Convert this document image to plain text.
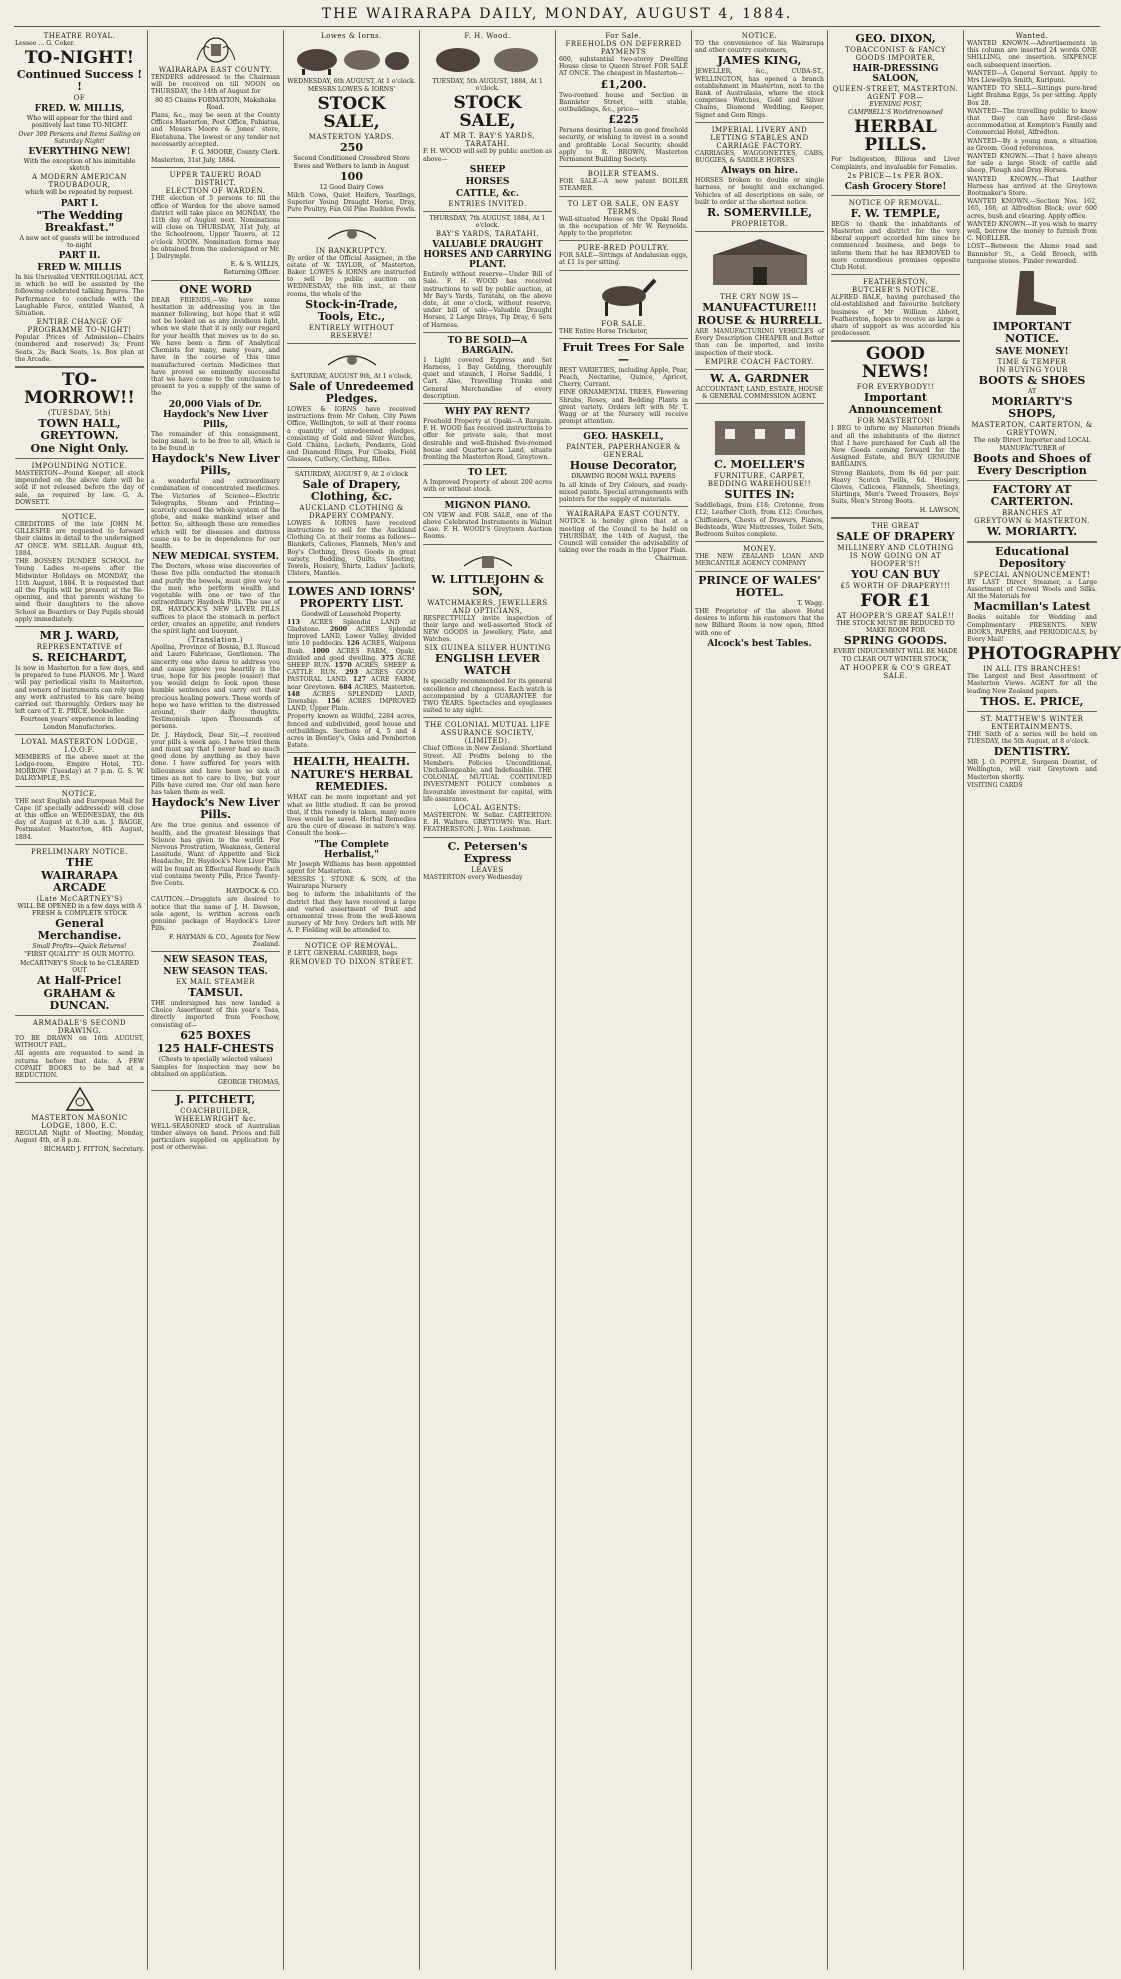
THE WAIRARAPA DAILY, MONDAY, AUGUST 4, 1884.
THEATRE ROYAL.

Lessee ... G. Coker.

TO-NIGHT!
Continued Success ! !
OF
FRED. W. MILLIS,

Who will appear for the third and positively last time TO-NIGHT.

Over 300 Persons and Items Sailing on Saturday Night!

EVERYTHING NEW!

With the exception of his inimitable sketch

A MODERN AMERICAN TROUBADOUR,

which will be repeated by request.

PART I.
"The Wedding Breakfast."

A new set of guests will be introduced to-night

PART II.
FRED W. MILLIS

In his Unrivalled VENTRILOQUIAL ACT, in which he will be assisted by the following celebrated talking figures. The Performance to conclude with the Laughable Farce, entitled Wanted, A Situation.

ENTIRE CHANGE OF PROGRAMME TO-NIGHT!

Popular Prices of Admission—Chairs (numbered and reserved) 3s; Front Seats, 2s; Back Seats, 1s. Box plan at the Arcade.

TO-MORROW!!
(TUESDAY, 5th)
TOWN HALL, GREYTOWN.
One Night Only.
IMPOUNDING NOTICE.

MASTERTON—Pound Keeper, all stock impounded on the above date will be sold if not released before the day of sale, as required by law. G. A. DOWSETT.

NOTICE.

CREDITORS of the late JOHN M. GILLESPIE are requested to forward their claims in detail to the undersigned AT ONCE. WM. SELLAR. August 4th, 1884.

THE BOSSEN DUNDEE SCHOOL for Young Ladies re-opens after the Midwinter Holidays on MONDAY, the 11th August, 1884. It is requested that all the Pupils will be present at the Re-opening, and that parents wishing to send their daughters to the above School as Boarders or Day Pupils should apply immediately.

MR J. WARD,
REPRESENTATIVE of
S. REICHARDT,

Is now in Masterton for a few days, and is prepared to tune PIANOS. Mr J. Ward will pay periodical visits to Masterton, and owners of instruments can rely upon any work entrusted to his care being carried out thoroughly. Orders may be left care of T. E. PRICE, bookseller.

Fourteen years' experience in leading London Manufactories.

LOYAL MASTERTON LODGE, I.O.O.F.

MEMBERS of the above meet at the Lodge-room, Empire Hotel, TO-MORROW (Tuesday) at 7 p.m. G. S. W. DALRYMPLE, P.S.

NOTICE.

THE next English and European Mail for Cape (if specially addressed) will close at this office on WEDNESDAY, the 6th day of August at 6.30 a.m. J. BAGGE, Postmaster. Masterton, 4th August, 1884.

PRELIMINARY NOTICE.
THE
WAIRARAPA ARCADE
(Late McCARTNEY'S)

WILL BE OPENED in a few days with A FRESH & COMPLETE STOCK

General Merchandise.

Small Profits—Quick Returns!

"FIRST QUALITY" IS OUR MOTTO.

McCARTNEY'S Stock to be CLEARED OUT

At Half-Price!
GRAHAM & DUNCAN.
ARMADALE'S SECOND DRAWING.

TO BE DRAWN on 16th AUGUST, WITHOUT FAIL.

All agents are requested to send in returns before that date. A FEW COPART BOOKS to be had at a REDUCTION.

MASTERTON MASONIC LODGE, 1800, E.C.

REGULAR Night of Meeting, Monday, August 4th, at 8 p.m.

RICHARD J. FITTON, Secretary.

WAIRARAPA EAST COUNTY.

TENDERS addressed to the Chairman will be received on till NOON on THURSDAY, the 14th of August for

80 85 Chains FORMATION, Makahaka Road.

Plans, &c., may be seen at the County Offices Masterton, Post Office, Pahiatua, and Messrs Moore & Jones' store, Eketahuna. The lowest or any tender not necessarily accepted.

F. G. MOORE, County Clerk.

Masterton, 31st July, 1884.

UPPER TAUERU ROAD DISTRICT.
ELECTION OF WARDEN.

THE election of 5 persons to fill the office of Warden for the above named district will take place on MONDAY, the 11th day of August next. Nominations will close on THURSDAY, 31st July, at the Schoolroom, Upper Taueru, at 12 o'clock NOON. Nomination forms may be obtained from the undersigned or Mr. J. Dalrymple.

E. & S. WILLIS,

Returning Officer.

ONE WORD

DEAR FRIENDS,—We have some hesitation in addressing you in the manner following, but hope that it will not be looked on as any invidious light, when we state that it is only our regard for your health that moves us to do so. We have been a firm of Analytical Chemists for many, many years, and have in the course of this time manufactured certain Medicines that have proved so eminently successful that we have come to the conclusion to present to you a supply of the same of the

20,000 Vials of Dr. Haydock's New Liver Pills,

The remainder of this consignment, being small, is to be free to all, which is to be found in

Haydock's New Liver Pills,

a wonderful and extraordinary combination of concentrated medicines. The Victories of Science—Electric Telegraphs, Steam and Printing—scarcely exceed the whole system of the globe, and make mankind wiser and better. So, although these are remedies which will for diseases and distress cause us to be in dependence for our health.

NEW MEDICAL SYSTEM.

The Doctors, whose wise discoveries of these five pills conducted the stomach and purify the bowels, must give way to the men who perform wealth and vegetable with one or two of the extraordinary Haydock Pills. The use of DR. HAYDOCK'S NEW LIVER PILLS suffices to place the stomach in perfect order, creates an appetite, and renders the spirit light and buoyant.

(Translation.)

Apolina, Province of Bosnia, B.I. Ruscud and Lauro Fabricase, Gentlemen. The sincerity one who dares to address you and cause ignore you heartily is the true, hope for his people (easier) that you would deign to look upon these humble sentences and carry out their precious healing powers. These words of hope we have written to the distressed around, their daily thoughts. Testimonials upon Thousands of persons.

Dr. J. Haydock, Dear Sir,—I received your pills a week ago. I have tried them and must say that I never had so much good done by anything as they have done. I have suffered for years with biliousness and have been so sick at times as not to care to live, but your Pills have cured me. Our old man here has taken them as well.

Haydock's New Liver Pills.

Are the true genius and essence of health, and the greatest blessings that Science has given to the world. For Nervous Prostration, Weakness, General Lassitude, Want of Appetite and Sick Headache, Dr. Haydock's New Liver Pills will be found an Effectual Remedy. Each vial contains twenty Pills, Price Twenty-five Cents.

HAYDOCK & CO.

CAUTION.—Druggists are desired to notice that the name of J. H. Dawson, sole agent, is written across each genuine package of Haydock's Liver Pills.

F. HAYMAN & CO., Agents for New Zealand.

NEW SEASON TEAS,
NEW SEASON TEAS.
EX MAIL STEAMER
TAMSUI.

THE undersigned has now landed a Choice Assortment of this year's Teas, directly imported from Foochow, consisting of—

625 BOXES
125 HALF-CHESTS

(Chests to specially selected values)

Samples for inspection may now be obtained on application.

GEORGE THOMAS,

J. PITCHETT,
COACHBUILDER, WHEELWRIGHT &c.

WELL-SEASONED stock of Australian timber always on hand. Prices and full particulars supplied on application by post or otherwise.

Lowes & Iorns.

WEDNESDAY, 6th AUGUST, At 1 o'clock.

MESSRS LOWES & IORNS'

STOCK SALE,
MASTERTON YARDS.
250

Second Conditioned Crossbred Store Ewes and Wethers to lamb in August

100

12 Good Dairy Cows

Milch Cows, Quiet Heifers, Yearlings, Superior Young Draught Horse, Dray, Pure Poultry, Fan Oil Pine Ruddon Fowls.

IN BANKRUPTCY.

By order of the Official Assignee, in the estate of W. TAYLOR, of Masterton, Baker. LOWES & IORNS are instructed to sell by public auction on WEDNESDAY, the 6th inst., at their rooms, the whole of the

Stock-in-Trade, Tools, Etc.,
ENTIRELY WITHOUT RESERVE!

SATURDAY, AUGUST 9th, At 1 o'clock,

Sale of Unredeemed Pledges.

LOWES & IORNS have received instructions from Mr Cohen, City Pawn Office, Wellington, to sell at their rooms a quantity of unredeemed pledges, consisting of Gold and Silver Watches, Gold Chains, Lockets, Pendants, Gold and Diamond Rings, Fur Cloaks, Field Glasses, Cutlery, Clothing, Rifles.

SATURDAY, AUGUST 9, At 2 o'clock

Sale of Drapery, Clothing, &c.
AUCKLAND CLOTHING & DRAPERY COMPANY.

LOWES & IORNS have received instructions to sell for the Auckland Clothing Co. at their rooms as follows—Blankets, Calicoes, Flannels, Men's and Boy's Clothing, Dress Goods in great variety, Bedding, Quilts, Sheeting, Towels, Hosiery, Shirts, Ladies' Jackets, Ulsters, Mantles.

LOWES AND IORNS' PROPERTY LIST.

Goodwill of Leasehold Property.

113 ACRES Splendid LAND at Gladstone. 2600 ACRES Splendid Improved LAND, Lower Valley, divided into 10 paddocks. 126 ACRES, Waipoua Bush. 1000 ACRES FARM, Opaki, divided and good dwelling. 375 ACRE SHEEP RUN. 1570 ACRES, SHEEP & CATTLE RUN. 293 ACRES GOOD PASTORAL LAND. 127 ACRE FARM, near Greytown. 684 ACRES, Masterton. 148 ACRES SPLENDID LAND, Township. 156 ACRES IMPROVED LAND, Upper Plain.

Property known as Wildfel, 2284 acres, fenced and subdivided, good house and outbuildings. Sections of 4, 5 and 4 acres in Bentley's, Oaks and Pemberton Estate.

HEALTH, HEALTH.
NATURE'S HERBAL REMEDIES.

WHAT can be more important and yet what so little studied. It can be proved that, if this remedy is taken, many more lives would be saved. Herbal Remedies are the cure of disease in nature's way. Consult the book—

"The Complete Herbalist,"

Mr Joseph Williams has been appointed agent for Masterton.

MESSRS J. STONE & SON, of the Wairarapa Nursery

beg to inform the inhabitants of the district that they have received a large and varied assortment of fruit and ornamental trees from the well-known nursery of Mr Ivey. Orders left with Mr A. P. Fielding will be attended to.

NOTICE OF REMOVAL.

P. LETT, GENERAL CARRIER, begs

REMOVED TO DIXON STREET.
F. H. Wood.

TUESDAY, 5th AUGUST, 1884, At 1 o'clock.

STOCK SALE,
AT MR T. BAY'S YARDS, TARATAHI.

F. H. WOOD will sell by public auction as above—

SHEEP
HORSES
CATTLE, &c.
ENTRIES INVITED.

THURSDAY, 7th AUGUST, 1884, At 1 o'clock.

BAY'S YARDS, TARATAHI.
VALUABLE DRAUGHT HORSES AND CARRYING PLANT.

Entirely without reserve—Under Bill of Sale. F. H. WOOD has received instructions to sell by public auction, at Mr Bay's Yards, Taratahi, on the above date, at one o'clock, without reserve, under bill of sale—Valuable Draught Horses, 2 Large Drays, Tip Dray, 6 Sets of Harness.

TO BE SOLD—A BARGAIN.

1 Light covered Express and Set Harness, 1 Bay Gelding, thoroughly quiet and staunch, 1 Horse Saddle, 1 Cart. Also, Travelling Trunks and General Merchandise of every description.

WHY PAY RENT?

Freehold Property at Opaki—A Bargain. F. H. WOOD has received instructions to offer for private sale, that most desirable and well-finished five-roomed house and Quarter-acre Land, situate fronting the Masterton Road, Greytown.

TO LET.

A Improved Property of about 200 acres with or without stock.

MIGNON PIANO.

ON VIEW and FOR SALE, one of the above Celebrated Instruments in Walnut Case. F. H. WOOD'S Greytown Auction Rooms.

W. LITTLEJOHN & SON,
WATCHMAKERS, JEWELLERS AND OPTICIANS,

RESPECTFULLY invite inspection of their large and well-assorted Stock of NEW GOODS in Jewellery, Plate, and Watches.

SIX GUINEA SILVER HUNTING
ENGLISH LEVER WATCH

Is specially recommended for its general excellence and cheapness. Each watch is accompanied by a GUARANTEE for TWO YEARS. Spectacles and eyeglasses suited to any sight.

THE COLONIAL MUTUAL LIFE ASSURANCE SOCIETY, (LIMITED).

Chief Offices in New Zealand: Shortland Street. All Profits belong to the Members. Policies Unconditional, Unchallengeable, and Indefeasible. THE COLONIAL MUTUAL CONTINUED INVESTMENT POLICY combines a favourable investment for capital, with life assurance.

LOCAL AGENTS:

MASTERTON: W. Sellar. CARTERTON: E. H. Walters. GREYTOWN: Wm. Hart. FEATHERSTON: J. Wm. Leishman.

C. Petersen's Express
LEAVES

MASTERTON every Wednesday

For Sale.
FREEHOLDS ON DEFERRED PAYMENTS

600, substantial two-storey Dwelling House close to Queen Street FOR SALE AT ONCE. The cheapest in Masterton—

£1,200.

Two-roomed house and Section in Bannister Street, with stable, outbuildings, &c., price—

£225

Persons desiring Loans on good freehold security, or wishing to invest in a sound and profitable Local Security, should apply to R. BROWN, Masterton Permanent Building Society.

BOILER STEAMS.

FOR SALE—A new patent BOILER STEAMER.

TO LET OR SALE, ON EASY TERMS.

Well-situated House on the Opaki Road in the occupation of Mr W. Reynolds. Apply to the proprietor.

PURE-BRED POULTRY.

FOR SALE—Sittings of Andalusian eggs, at £1 1s per sitting.

FOR SALE.

THE Entire Horse Tricketer,

Fruit Trees For Sale—

BEST VARIETIES, including Apple, Pear, Peach, Nectarine, Quince, Apricot, Cherry, Currant.

FINE ORNAMENTAL TREES, Flowering Shrubs, Roses, and Bedding Plants in great variety. Orders left with Mr T. Wagg or at the Nursery will receive prompt attention.

GEO. HASKELL,
PAINTER, PAPERHANGER & GENERAL
House Decorator,

DRAWING ROOM WALL PAPERS

In all kinds of Dry Colours, and ready-mixed paints. Special arrangements with painters for the supply of materials.

WAIRARAPA EAST COUNTY.

NOTICE is hereby given that at a meeting of the Council to be held on THURSDAY, the 14th of August, the Council will consider the advisability of taking over the roads in the Upper Plain.

Chairman.

NOTICE.

TO the convenience of his Wairarapa and other country customers,

JAMES KING,

JEWELLER, &c., CUBA-ST., WELLINGTON, has opened a branch establishment in Masterton, next to the Bank of Australasia, where the stock comprises Watches, Gold and Silver Chains, Diamond Wedding, Keeper, Signet and Gem Rings.

IMPERIAL LIVERY AND LETTING STABLES AND CARRIAGE FACTORY.

CARRIAGES, WAGGONETTES, CABS, BUGGIES, & SADDLE HORSES

Always on hire.

HORSES broken to double or single harness, or bought and exchanged. Vehicles of all descriptions on sale, or built to order at the shortest notice.

R. SOMERVILLE,
PROPRIETOR.
THE CRY NOW IS—
MANUFACTURE!!!
ROUSE & HURRELL

ARE MANUFACTURING VEHICLES of Every Description CHEAPER and Better than can be imported, and invite inspection of their stock.

EMPIRE COACH FACTORY.
W. A. GARDNER

ACCOUNTANT, LAND, ESTATE, HOUSE & GENERAL COMMISSION AGENT.

C. MOELLER'S
FURNITURE, CARPET,
BEDDING WAREHOUSE!!
SUITES IN:

Saddlebags, from £18; Cretonne, from £12; Leather Cloth, from £12; Couches, Chiffoniers, Chests of Drawers, Pianos, Bedsteads, Wire Mattresses, Toilet Sets, Bedroom Suites complete.

MONEY.

THE NEW ZEALAND LOAN AND MERCANTILE AGENCY COMPANY

PRINCE OF WALES' HOTEL.

T. Wagg.

THE Proprietor of the above Hotel desires to inform his customers that the new Billiard Room is now open, fitted with one of

Alcock's best Tables.
GEO. DIXON,
TOBACCONIST & FANCY GOODS IMPORTER,
HAIR-DRESSING SALOON,
QUEEN-STREET, MASTERTON.
AGENT FOR—

EVENING POST,

CAMPBELL'S Worldrenowned

HERBAL PILLS.

For Indigestion, Bilious and Liver Complaints, and invaluable for Females.

2s PRICE—1s PER BOX.
Cash Grocery Store!
NOTICE OF REMOVAL.
F. W. TEMPLE,

BEGS to thank the inhabitants of Masterton and district for the very liberal support accorded him since he commenced business, and begs to inform them that he has REMOVED to more commodious premises opposite Club Hotel.

FEATHERSTON.
BUTCHER'S NOTICE.

ALFRED BALE, having purchased the old-established and favourite butchery business of Mr William Abbott, Featherston, hopes to receive as large a share of support as was accorded his predecessor.

GOOD NEWS!
FOR EVERYBODY!!
Important Announcement
FOR MASTERTON!

I BEG to inform my Masterton friends and all the inhabitants of the district that I have purchased for Cash all the New Goods coming forward for the Assigned Estate, and BUY GENUINE BARGAINS.

Strong Blankets, from 9s 6d per pair. Heavy Scotch Twills, 6d. Hosiery, Gloves, Calicoes, Flannels, Sheetings, Shirtings, Men's Tweed Trousers, Boys' Suits, Men's Strong Boots.

H. LAWSON,

THE GREAT
SALE OF DRAPERY
MILLINERY AND CLOTHING
IS NOW GOING ON AT HOOPER'S!!
YOU CAN BUY
£5 WORTH OF DRAPERY!!!
FOR £1
AT HOOPER'S GREAT SALE!!

THE STOCK MUST BE REDUCED TO MAKE ROOM FOR

SPRING GOODS.

EVERY INDUCEMENT WILL BE MADE TO CLEAR OUT WINTER STOCK,

AT HOOPER & CO'S GREAT SALE.
Wanted.

WANTED KNOWN.—Advertisements in this column are inserted 24 words ONE SHILLING, one insertion. SIXPENCE each subsequent insertion.

WANTED—A General Servant. Apply to Mrs Llewellyn Smith, Kuripuni.

WANTED TO SELL—Sittings pure-bred Light Brahma Eggs, 5s per sitting. Apply Box 28.

WANTED—The travelling public to know that they can have first-class accommodation at Kempton's Family and Commercial Hotel, Alfredton.

WANTED—By a young man, a situation as Groom. Good references.

WANTED KNOWN.—That I have always for sale a large Stock of cattle and sheep, Plough and Dray Horses.

WANTED KNOWN.—That Leather Harness has arrived at the Greytown Bootmaker's Store.

WANTED KNOWN.—Section Nos. 162, 165, 166, at Alfredton Block; over 600 acres, bush and clearing. Apply office.

WANTED KNOWN—If you wish to marry well, borrow the money to furnish from C. MOELLER.

LOST—Between the Alamo road and Bannister St., a Gold Brooch, with turquoise stones. Finder rewarded.

IMPORTANT NOTICE.
SAVE MONEY!
TIME & TEMPER
IN BUYING YOUR
BOOTS & SHOES

AT

MORIARTY'S SHOPS,
MASTERTON, CARTERTON, & GREYTOWN.

The only Direct Importer and LOCAL MANUFACTURER of

Boots and Shoes of Every Description
FACTORY AT CARTERTON.
BRANCHES AT
GREYTOWN & MASTERTON.
W. MORIARTY.
Educational Depository
SPECIAL ANNOUNCEMENT!

BY LAST Direct Steamer, a Large Assortment of Crewel Wools and Silks. All the Materials for

Macmillan's Latest

Books suitable for Wedding and Complimentary PRESENTS. NEW BOOKS, PAPERS, and PERIODICALS, by Every Mail!

PHOTOGRAPHY
IN ALL ITS BRANCHES!

The Largest and Best Assortment of Masterton Views. AGENT for all the leading New Zealand papers.

THOS. E. PRICE,
ST. MATTHEW'S WINTER ENTERTAINMENTS.

THE Sixth of a series will be held on TUESDAY, the 5th August, at 8 o'clock.

DENTISTRY.

MR J. O. POPPLE, Surgeon Dentist, of Wellington, will visit Greytown and Masterton shortly.

VISITING CARDS
